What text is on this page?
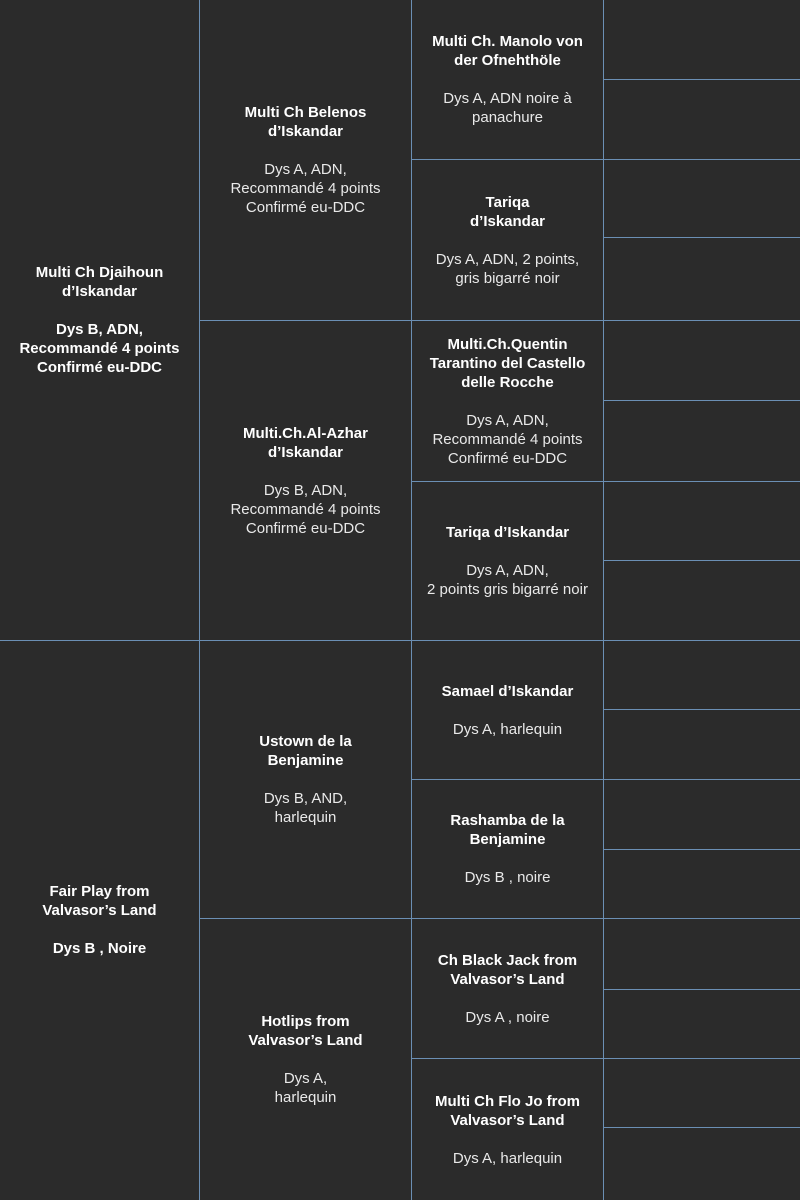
Multi Ch Djaihoun
d’Iskandar
Dys B, ADN,
Recommandé 4 points
Confirmé eu-DDC
Fair Play from
Valvasor’s Land
Dys B , Noire
Multi Ch Belenos
d’Iskandar
Dys A, ADN,
Recommandé 4 points
Confirmé eu-DDC
Multi.Ch.Al-Azhar
d’Iskandar
Dys B, ADN,
Recommandé 4 points
Confirmé eu-DDC
Ustown de la
Benjamine
Dys B, AND,
harlequin
Hotlips from
Valvasor’s Land
Dys A,
harlequin
Multi Ch. Manolo von
der Ofnehthöle
Dys A, ADN noire à
panachure
Tariqa
d’Iskandar
Dys A, ADN, 2 points,
gris bigarré noir
Multi.Ch.Quentin
Tarantino del Castello
delle Rocche
Dys A, ADN,
Recommandé 4 points
Confirmé eu-DDC
Tariqa d’Iskandar
Dys A, ADN,
2 points gris bigarré noir
Samael d’Iskandar
Dys A, harlequin
Rashamba de la
Benjamine
Dys B , noire
Ch Black Jack from
Valvasor’s Land
Dys A , noire
Multi Ch Flo Jo from
Valvasor’s Land
Dys A, harlequin
